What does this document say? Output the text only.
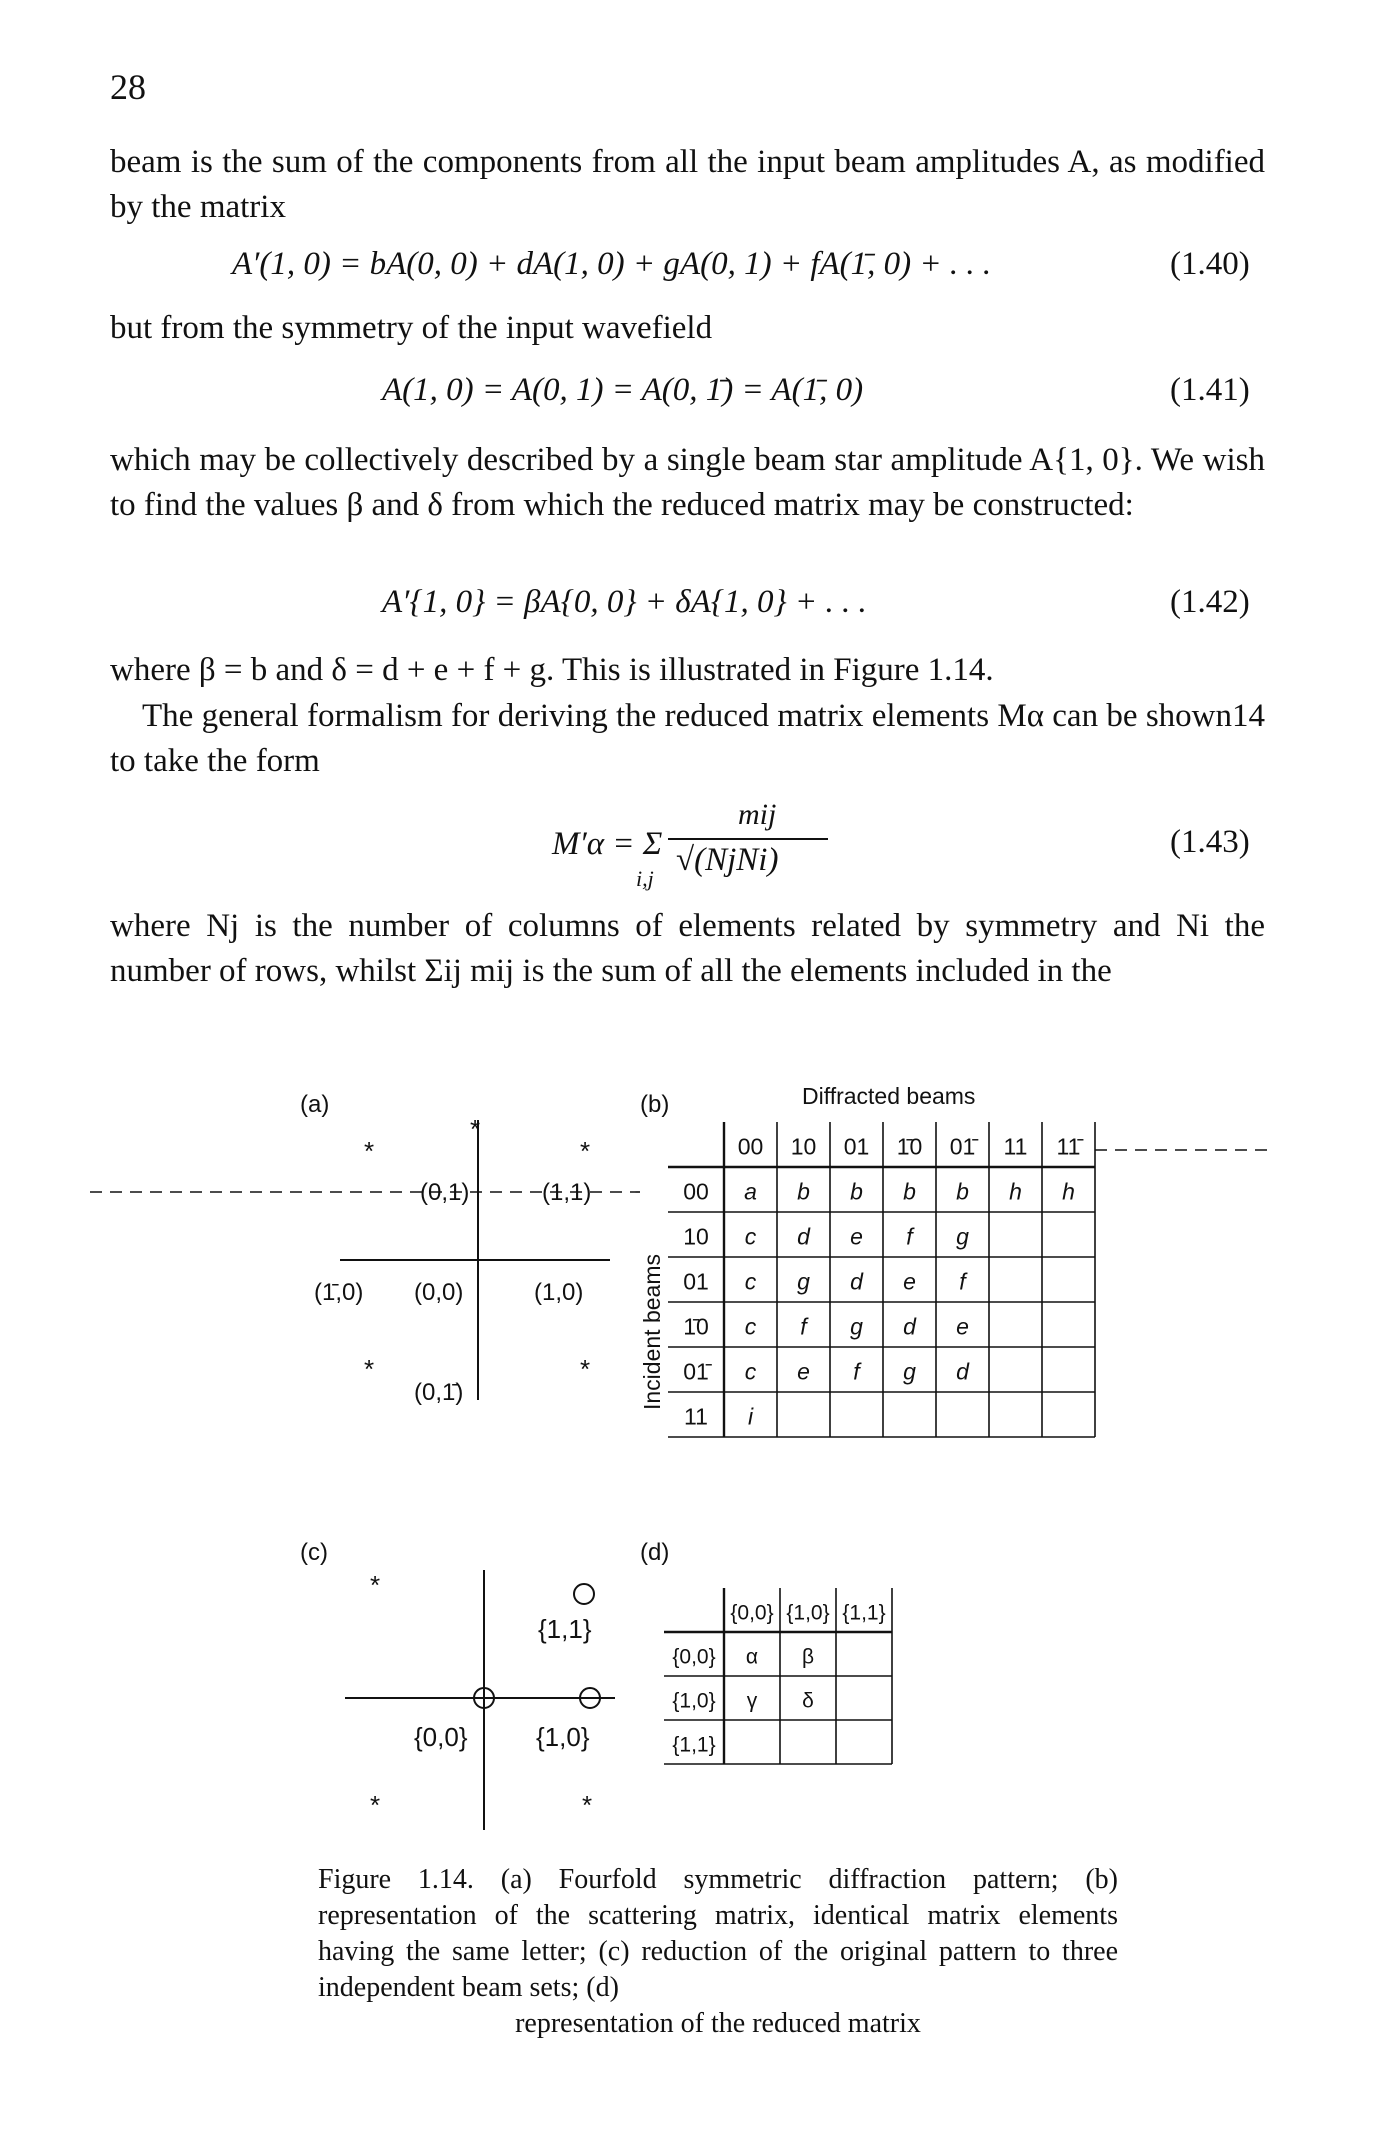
28

beam is the sum of the components from all the input beam amplitudes A, as modified by the matrix

A′(1, 0) = bA(0, 0) + dA(1, 0) + gA(0, 1) + fA(1̄, 0) + . . .	(1.40)

but from the symmetry of the input wavefield

A(1, 0) = A(0, 1) = A(0, 1̄) = A(1̄, 0)	(1.41)

which may be collectively described by a single beam star amplitude A{1, 0}. We wish to find the values β and δ from which the reduced matrix may be constructed:

A′{1, 0} = βA{0, 0} + δA{1, 0} + . . .	(1.42)

where β = b and δ = d + e + f + g. This is illustrated in Figure 1.14.

The general formalism for deriving the reduced matrix elements Mα can be shown14 to take the form

M′α = Σ
i,j
mij
√(NjNi)	(1.43)

where Nj is the number of columns of elements related by symmetry and Ni the number of rows, whilst Σij mij is the sum of all the elements included in the

(a)
*	*
*
*	*
(0,1)	(1,1)
(1̄,0) (0,0)	(1,0)
(0,1̄)
(b)	Diffracted beams
Incident beams
00 10 01 1̄0 01̄ 11 11̄
00 a b b b b h h
10 c d e f g
01 c g d e f
1̄0 c f g d e
01̄ c e f g d
11 i
(c)
*
*	*
{1,1}
{0,0}	{1,0}
(d)
{0,0} {1,0} {1,1}
{0,0} α β
{1,0} γ δ
{1,1}

Figure 1.14. (a) Fourfold symmetric diffraction pattern; (b) representation of the scattering matrix, identical matrix elements having the same letter; (c) reduction of the original pattern to three independent beam sets; (d)
representation of the reduced matrix
